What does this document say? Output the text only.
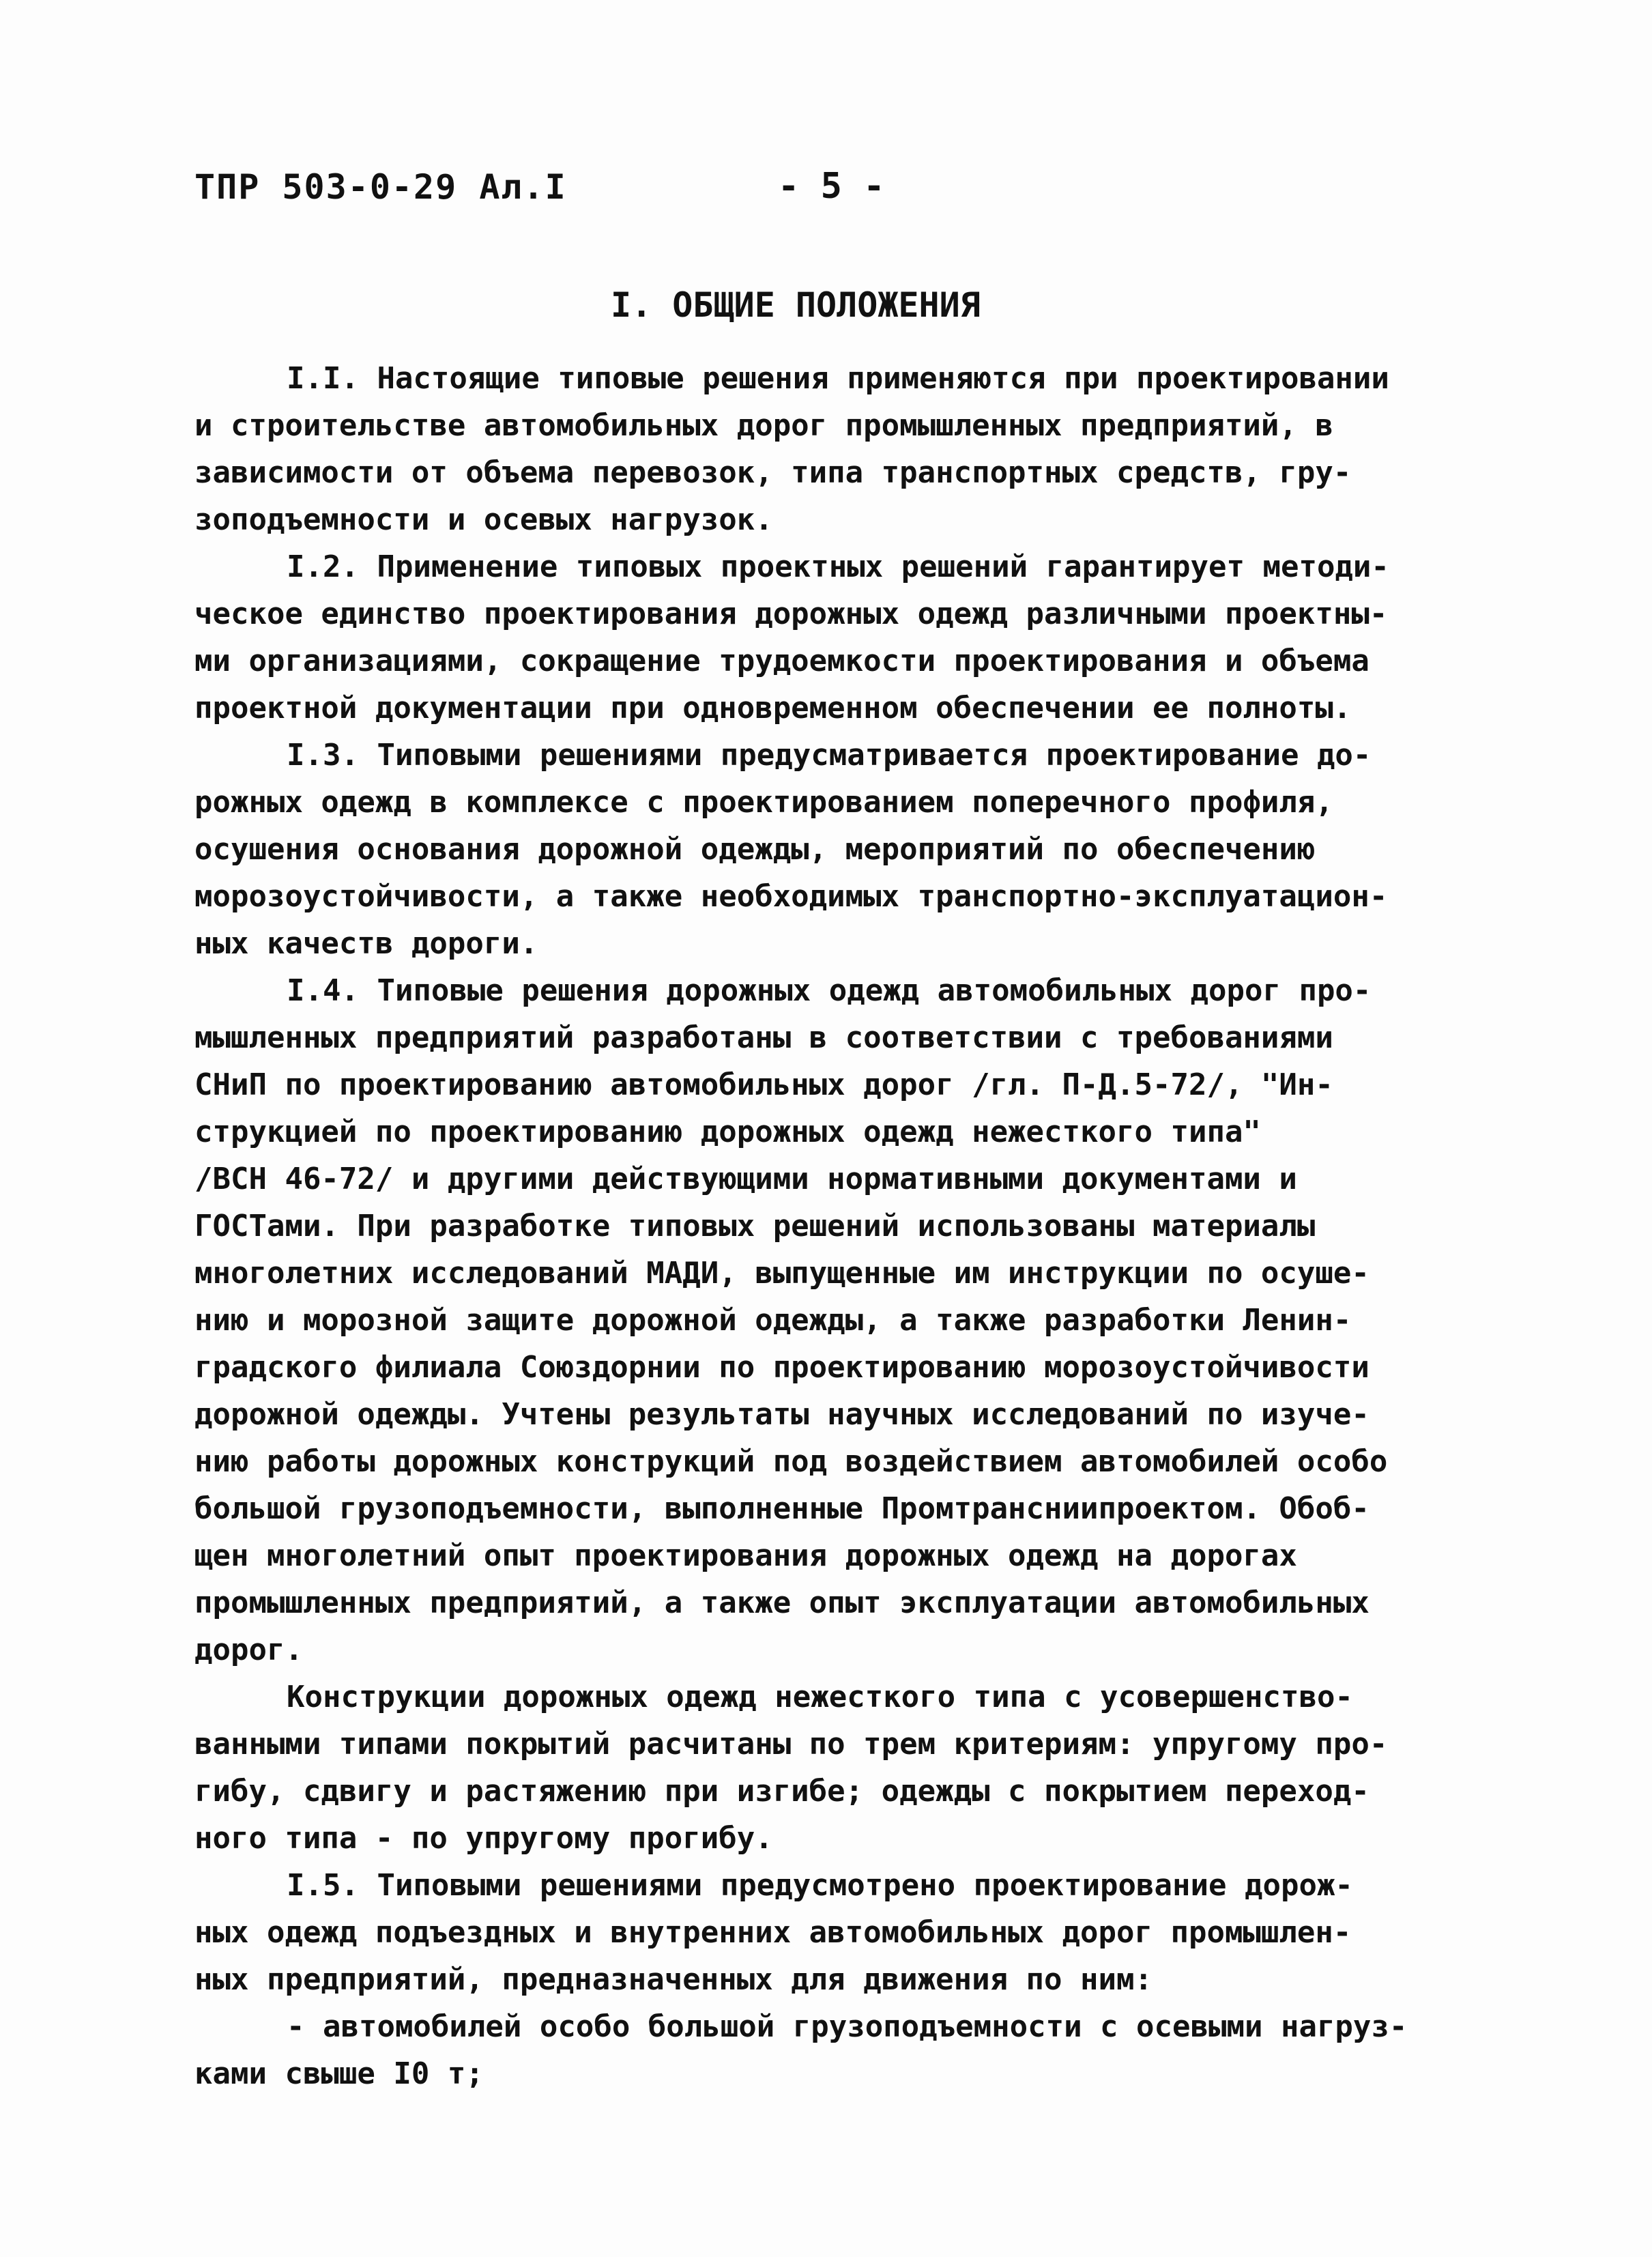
ТПР 503-0-29 Ал.I	- 5 -
I. ОБЩИЕ ПОЛОЖЕНИЯ
I.I. Настоящие типовые решения применяются при проектировании
и строительстве автомобильных дорог промышленных предприятий, в
зависимости от объема перевозок, типа транспортных средств, гру-
зоподъемности и осевых нагрузок.
I.2. Применение типовых проектных решений гарантирует методи-
ческое единство проектирования дорожных одежд различными проектны-
ми организациями, сокращение трудоемкости проектирования и объема
проектной документации при одновременном обеспечении ее полноты.
I.3. Типовыми решениями предусматривается проектирование до-
рожных одежд в комплексе с проектированием поперечного профиля,
осушения основания дорожной одежды, мероприятий по обеспечению
морозоустойчивости, а также необходимых транспортно-эксплуатацион-
ных качеств дороги.
I.4. Типовые решения дорожных одежд автомобильных дорог про-
мышленных предприятий разработаны в соответствии с требованиями
СНиП по проектированию автомобильных дорог /гл. П-Д.5-72/, "Ин-
струкцией по проектированию дорожных одежд нежесткого типа"
/ВСН 46-72/ и другими действующими нормативными документами и
ГОСТами. При разработке типовых решений использованы материалы
многолетних исследований МАДИ, выпущенные им инструкции по осуше-
нию и морозной защите дорожной одежды, а также разработки Ленин-
градского филиала Союздорнии по проектированию морозоустойчивости
дорожной одежды. Учтены результаты научных исследований по изуче-
нию работы дорожных конструкций под воздействием автомобилей особо
большой грузоподъемности, выполненные Промтрансниипроектом. Обоб-
щен многолетний опыт проектирования дорожных одежд на дорогах
промышленных предприятий, а также опыт эксплуатации автомобильных
дорог.
Конструкции дорожных одежд нежесткого типа с усовершенство-
ванными типами покрытий расчитаны по трем критериям: упругому про-
гибу, сдвигу и растяжению при изгибе; одежды с покрытием переход-
ного типа - по упругому прогибу.
I.5. Типовыми решениями предусмотрено проектирование дорож-
ных одежд подъездных и внутренних автомобильных дорог промышлен-
ных предприятий, предназначенных для движения по ним:
- автомобилей особо большой грузоподъемности с осевыми нагруз-
ками свыше I0 т;
